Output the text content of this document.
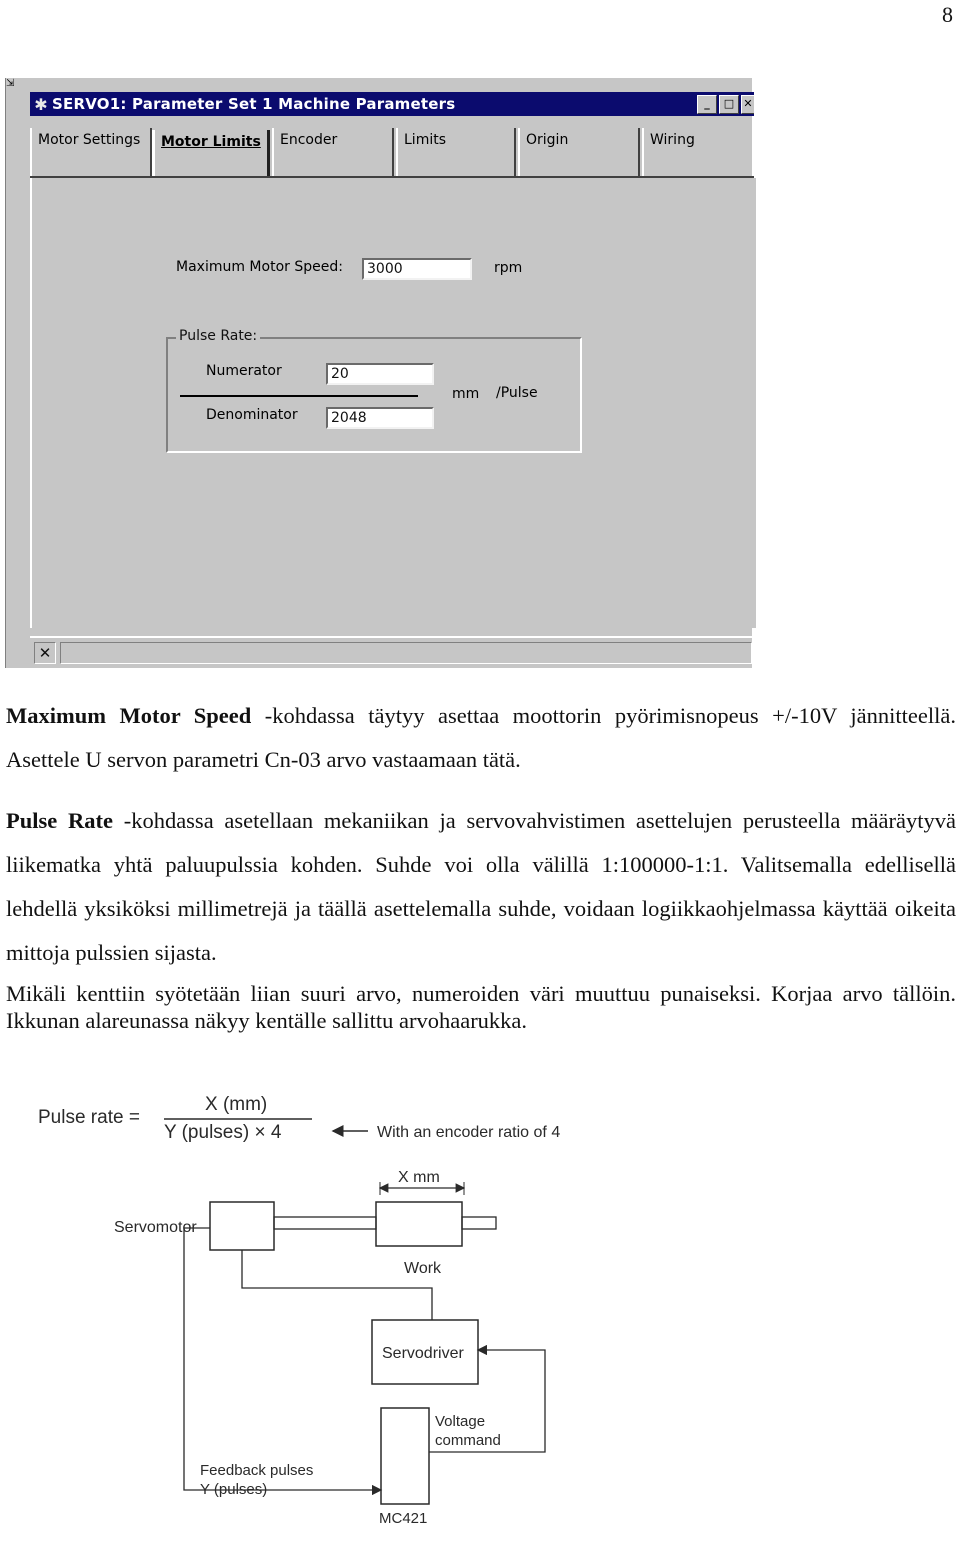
8
⇲
✱ SERVO1: Parameter Set 1 Machine Parameters	_	□ ✕
Motor Settings	Motor Limits	Encoder	Limits	Origin	Wiring
Maximum Motor Speed:	3000	rpm
Pulse Rate:
Numerator	20
Denominator	2048
mm /Pulse
✕

Maximum Motor Speed -kohdassa täytyy asettaa moottorin pyörimisnopeus +/-10V jännitteellä. Asettele U servon parametri Cn-03 arvo vastaamaan tätä.

Pulse Rate -kohdassa asetellaan mekaniikan ja servovahvistimen asettelujen perusteella määräytyvä liikematka yhtä paluupulssia kohden. Suhde voi olla välillä 1:100000-1:1. Valitsemalla edellisellä lehdellä yksiköksi millimetrejä ja täällä asettelemalla suhde, voidaan logiikkaohjelmassa käyttää oikeita mittoja pulssien sijasta.

Mikäli kenttiin syötetään liian suuri arvo, numeroiden väri muuttuu punaiseksi. Korjaa arvo tällöin. Ikkunan alareunassa näkyy kentälle sallittu arvohaarukka.

Pulse rate =
X (mm)
Y (pulses) × 4	With an encoder ratio of 4
X mm
Servomotor
Work
Servodriver
MC421
Voltage
command
Feedback pulses
Y (pulses)
